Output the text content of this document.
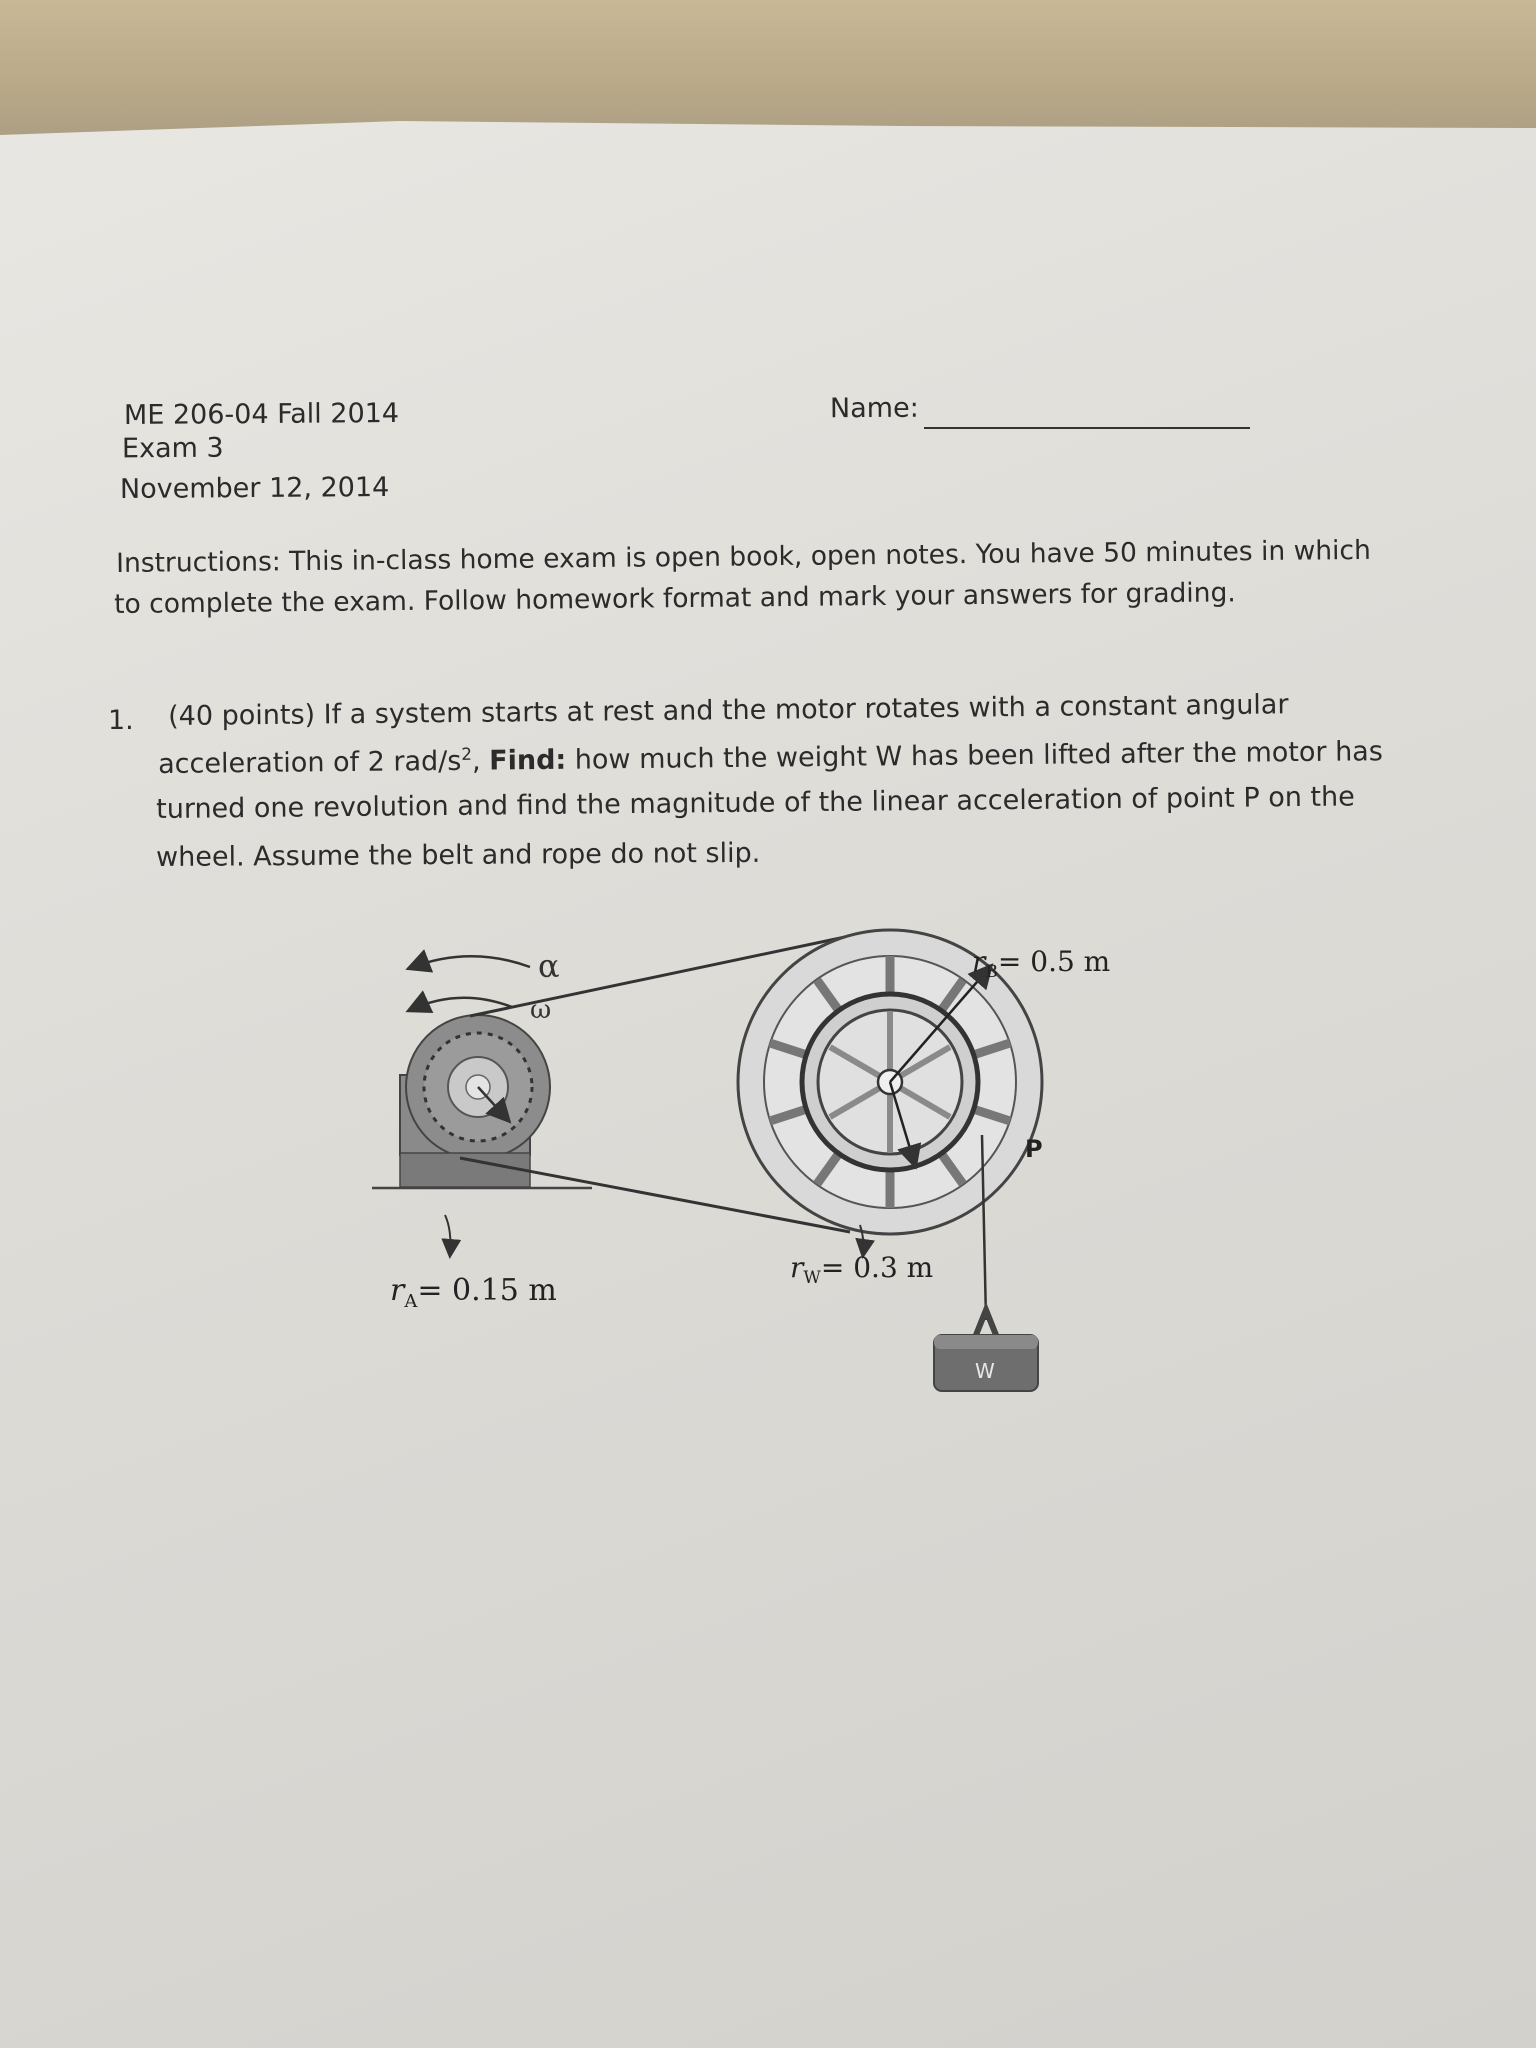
ME 206-04 Fall 2014
Exam 3
November 12, 2014
Name:
Instructions: This in-class home exam is open book, open notes. You have 50 minutes in which
to complete the exam. Follow homework format and mark your answers for grading.
1. (40 points) If a system starts at rest and the motor rotates with a constant angular
acceleration of 2 rad/$s^2$, Find: how much the weight W has been lifted after the motor has
turned one revolution and find the magnitude of the linear acceleration of point P on the
wheel. Assume the belt and rope do not slip.
α
ω
W
P
$r_B= 0.5$ m
$r_W= 0.3$ m
$r_A= 0.15$ m
